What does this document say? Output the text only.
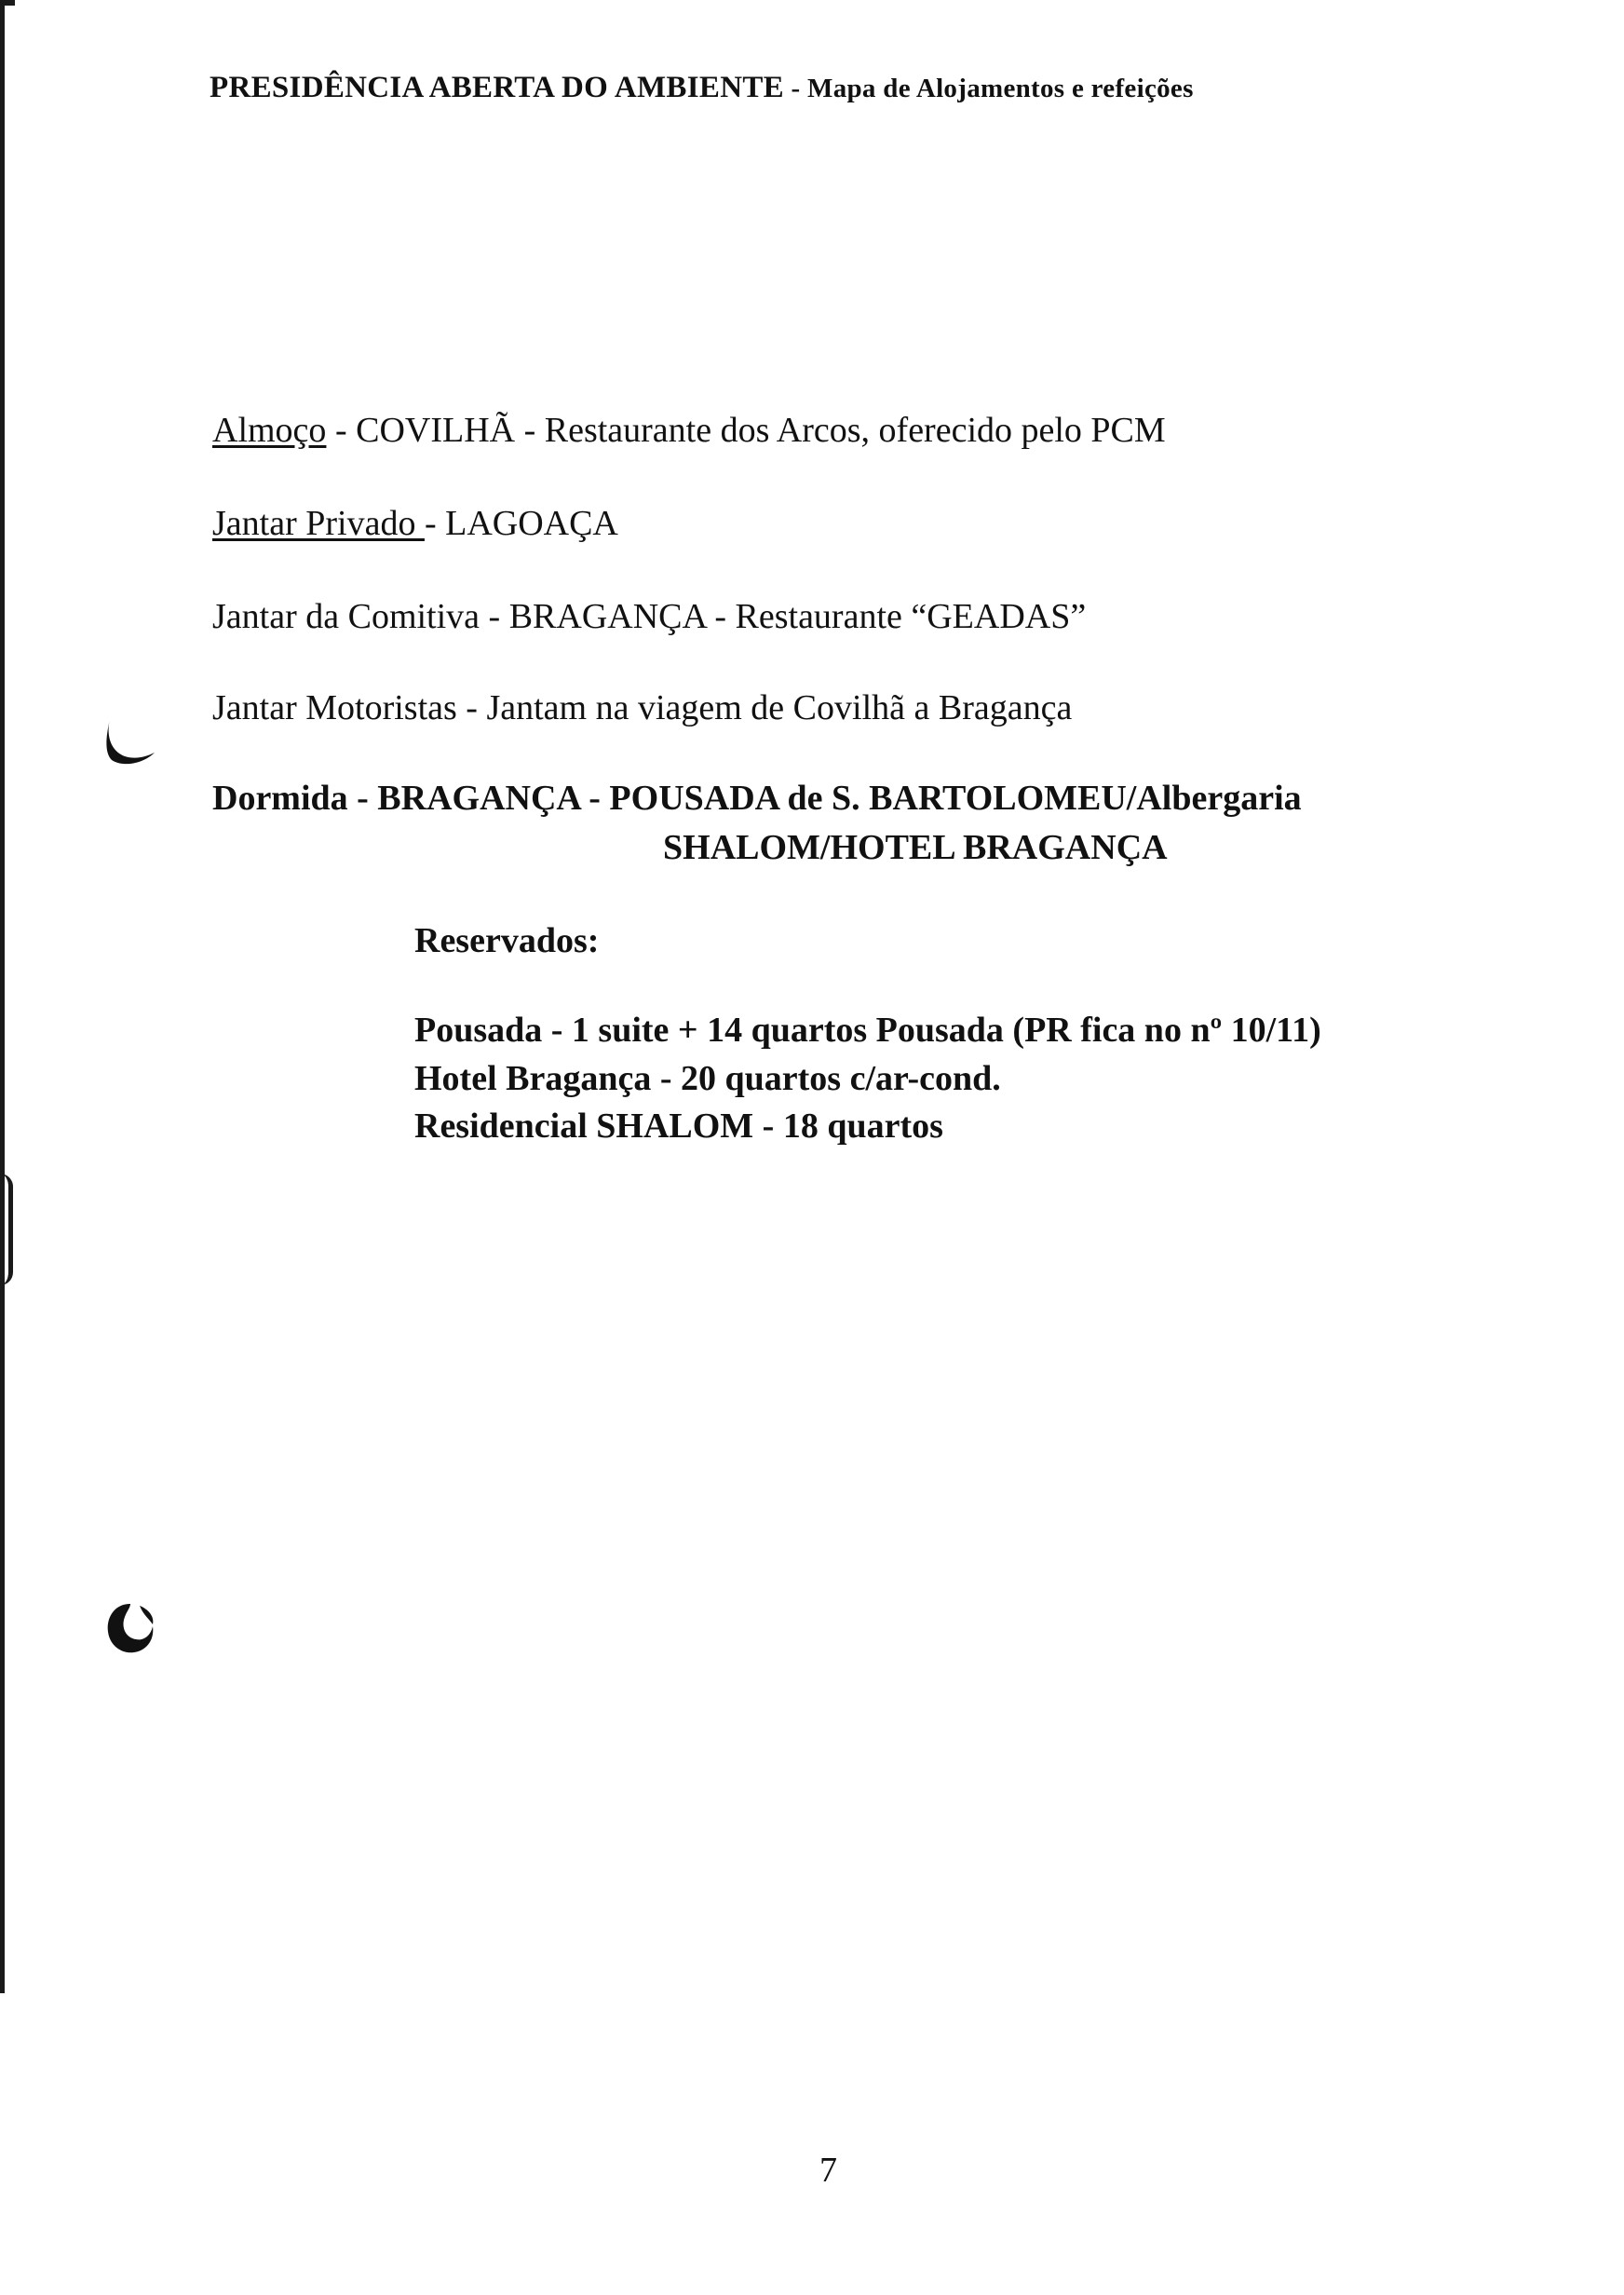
PRESIDÊNCIA ABERTA DO AMBIENTE - Mapa de Alojamentos e refeições
Almoço - COVILHÃ - Restaurante dos Arcos, oferecido pelo PCM
Jantar Privado - LAGOAÇA
Jantar da Comitiva - BRAGANÇA - Restaurante “GEADAS”
Jantar Motoristas - Jantam na viagem de Covilhã a Bragança
Dormida - BRAGANÇA - POUSADA de S. BARTOLOMEU/Albergaria
SHALOM/HOTEL BRAGANÇA
Reservados:
Pousada - 1 suite + 14 quartos Pousada (PR fica no nº 10/11)
Hotel Bragança - 20 quartos c/ar-cond.
Residencial SHALOM - 18 quartos
7
